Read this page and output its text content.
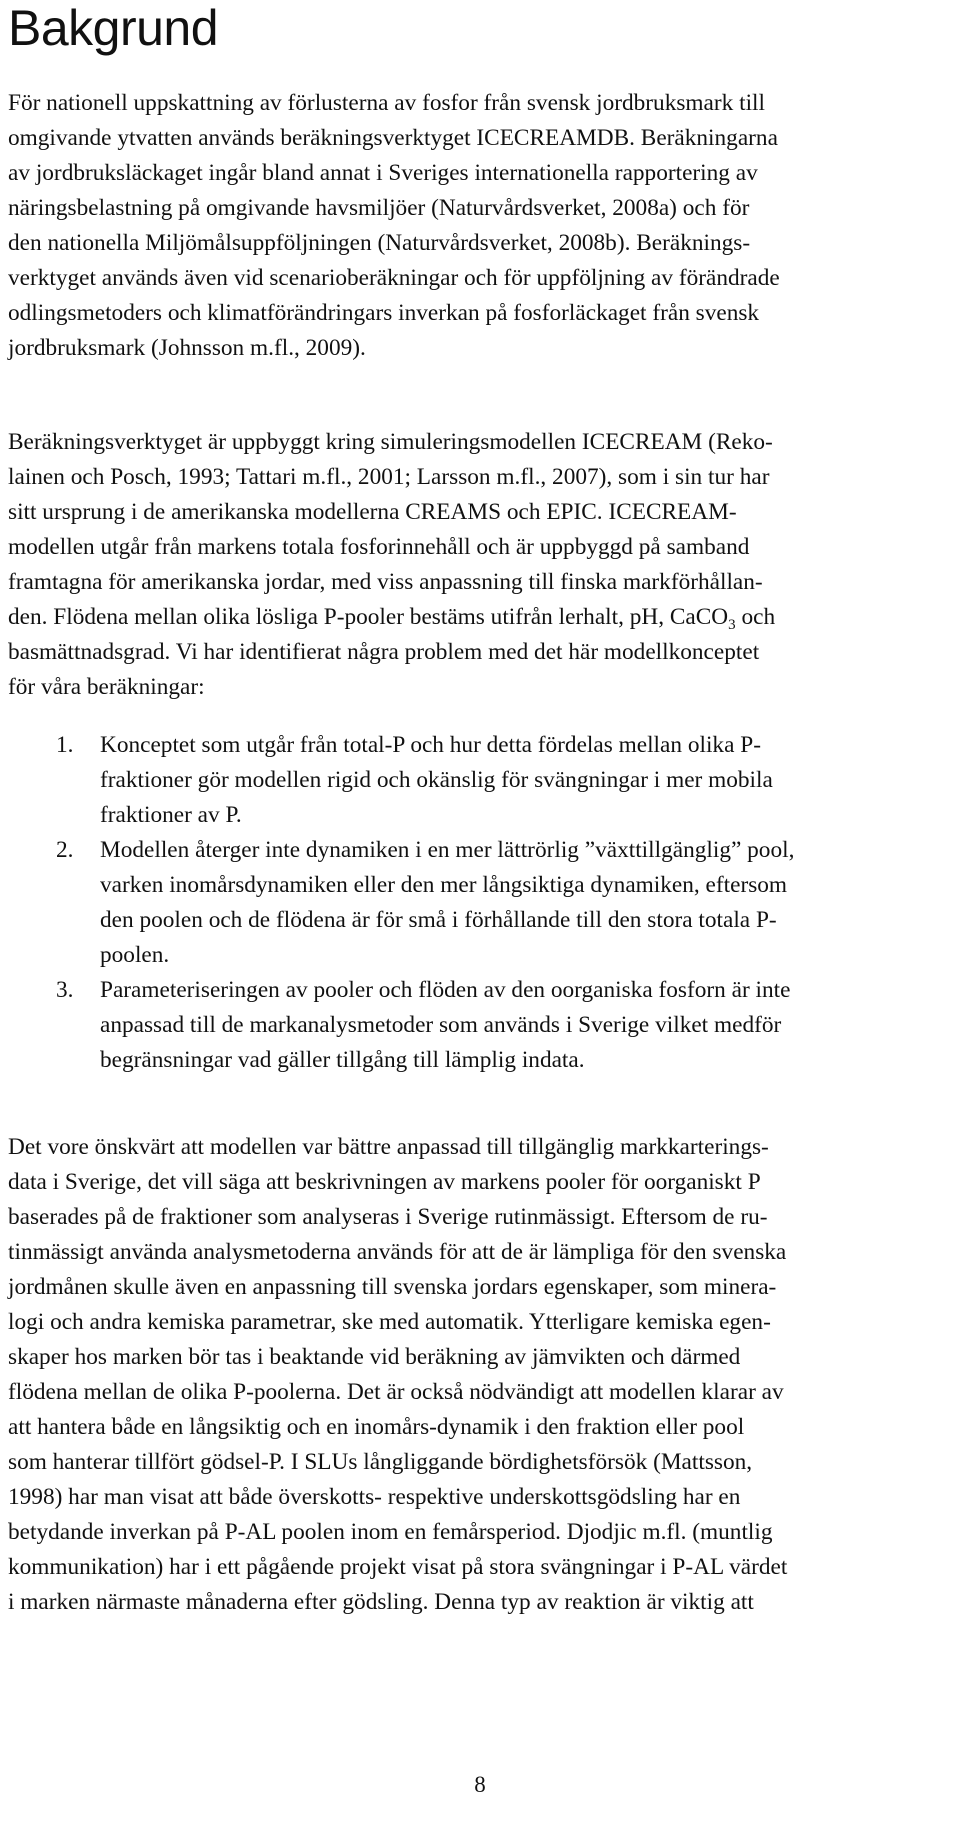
Bakgrund

För nationell uppskattning av förlusterna av fosfor från svensk jordbruksmark till
omgivande ytvatten används beräkningsverktyget ICECREAMDB. Beräkningarna
av jordbruksläckaget ingår bland annat i Sveriges internationella rapportering av
näringsbelastning på omgivande havsmiljöer (Naturvårdsverket, 2008a) och för
den nationella Miljömålsuppföljningen (Naturvårdsverket, 2008b). Beräknings-
verktyget används även vid scenarioberäkningar och för uppföljning av förändrade
odlingsmetoders och klimatförändringars inverkan på fosforläckaget från svensk
jordbruksmark (Johnsson m.fl., 2009).

Beräkningsverktyget är uppbyggt kring simuleringsmodellen ICECREAM (Reko-
lainen och Posch, 1993; Tattari m.fl., 2001; Larsson m.fl., 2007), som i sin tur har
sitt ursprung i de amerikanska modellerna CREAMS och EPIC. ICECREAM-
modellen utgår från markens totala fosforinnehåll och är uppbyggd på samband
framtagna för amerikanska jordar, med viss anpassning till finska markförhållan-
den. Flödena mellan olika lösliga P-pooler bestäms utifrån lerhalt, pH, CaCO$_3$ och
basmättnadsgrad. Vi har identifierat några problem med det här modellkonceptet
för våra beräkningar:

1. Konceptet som utgår från total-P och hur detta fördelas mellan olika P-
fraktioner gör modellen rigid och okänslig för svängningar i mer mobila
fraktioner av P.
2. Modellen återger inte dynamiken i en mer lättrörlig ”växttillgänglig” pool,
varken inomårsdynamiken eller den mer långsiktiga dynamiken, eftersom
den poolen och de flödena är för små i förhållande till den stora totala P-
poolen.
3. Parameteriseringen av pooler och flöden av den oorganiska fosforn är inte
anpassad till de markanalysmetoder som används i Sverige vilket medför
begränsningar vad gäller tillgång till lämplig indata.

Det vore önskvärt att modellen var bättre anpassad till tillgänglig markkarterings-
data i Sverige, det vill säga att beskrivningen av markens pooler för oorganiskt P
baserades på de fraktioner som analyseras i Sverige rutinmässigt. Eftersom de ru-
tinmässigt använda analysmetoderna används för att de är lämpliga för den svenska
jordmånen skulle även en anpassning till svenska jordars egenskaper, som minera-
logi och andra kemiska parametrar, ske med automatik. Ytterligare kemiska egen-
skaper hos marken bör tas i beaktande vid beräkning av jämvikten och därmed
flödena mellan de olika P-poolerna. Det är också nödvändigt att modellen klarar av
att hantera både en långsiktig och en inomårs-dynamik i den fraktion eller pool
som hanterar tillfört gödsel-P. I SLUs långliggande bördighetsförsök (Mattsson,
1998) har man visat att både överskotts- respektive underskottsgödsling har en
betydande inverkan på P-AL poolen inom en femårsperiod. Djodjic m.fl. (muntlig
kommunikation) har i ett pågående projekt visat på stora svängningar i P-AL värdet
i marken närmaste månaderna efter gödsling. Denna typ av reaktion är viktig att

8
